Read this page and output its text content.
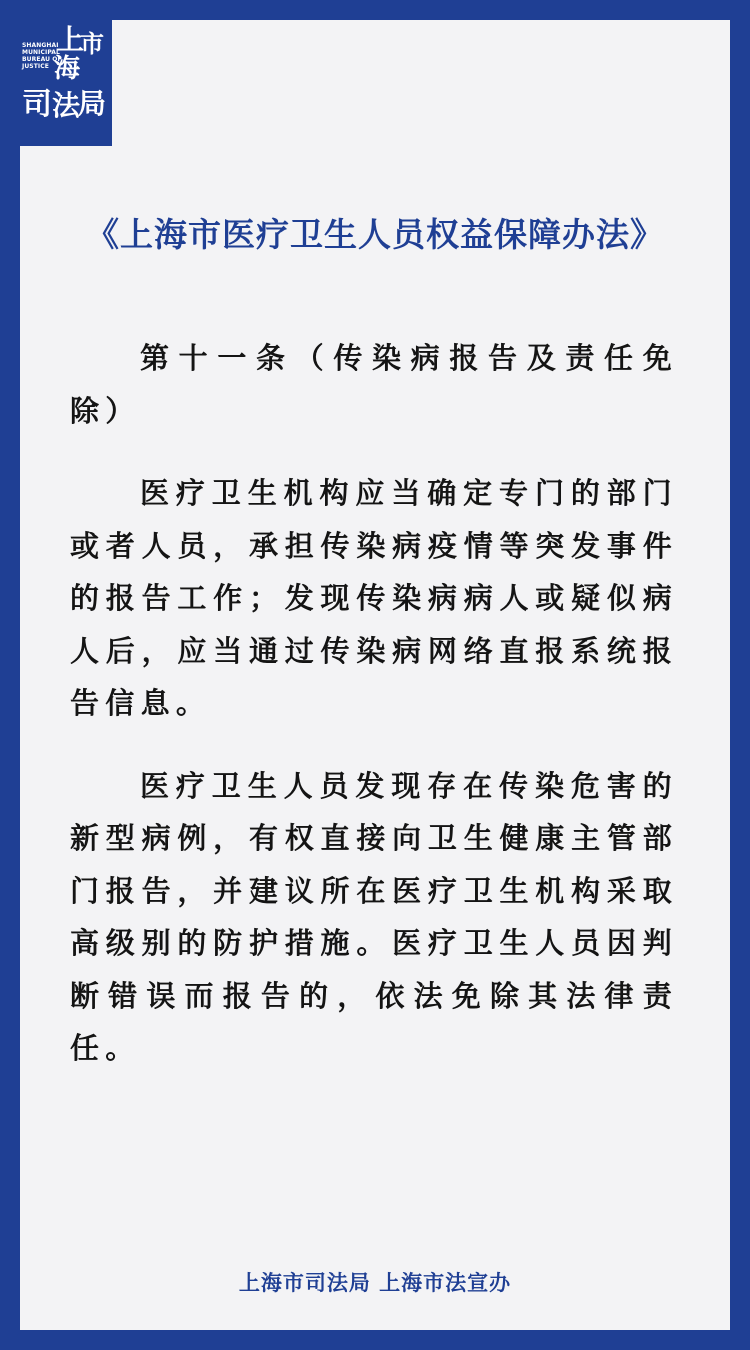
SHANGHAI
MUNICIPAL
BUREAU OF
JUSTICE
上
市
海
司 法
局
《上海市医疗卫生人员权益保障办法》

第十一条（传染病报告及责任免除）

医疗卫生机构应当确定专门的部门或者人员，承担传染病疫情等突发事件的报告工作；发现传染病病人或疑似病人后，应当通过传染病网络直报系统报告信息。

医疗卫生人员发现存在传染危害的新型病例，有权直接向卫生健康主管部门报告，并建议所在医疗卫生机构采取高级别的防护措施。医疗卫生人员因判断错误而报告的，依法免除其法律责任。

上海市司法局 上海市法宣办
